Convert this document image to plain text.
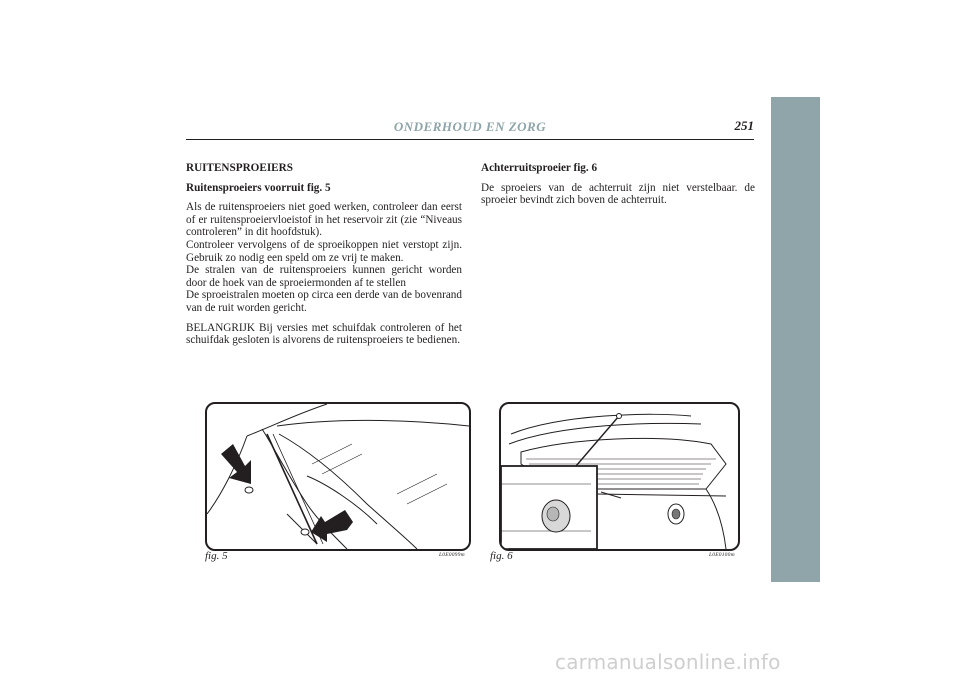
ONDERHOUD EN ZORG	251
RUITENSPROEIERS
Ruitensproeiers voorruit fig. 5

Als de ruitensproeiers niet goed werken, controleer dan eerst of er ruitensproeiervloeistof in het reservoir zit (zie “Niveaus controleren” in dit hoofdstuk).
Controleer vervolgens of de sproeikoppen niet verstopt zijn. Gebruik zo nodig een speld om ze vrij te maken.
De stralen van de ruitensproeiers kunnen gericht worden door de hoek van de sproeiermonden af te stellen
De sproeistralen moeten op circa een derde van de bovenrand van de ruit worden gericht.

BELANGRIJK Bij versies met schuifdak controleren of het schuifdak gesloten is alvorens de ruitensproeiers te bedienen.

Achterruitsproeier fig. 6

De sproeiers van de achterruit zijn niet verstelbaar. de sproeier bevindt zich boven de achterruit.

fig. 5	L0E0099m fig. 6	L0E0100m
carmanualsonline.info
